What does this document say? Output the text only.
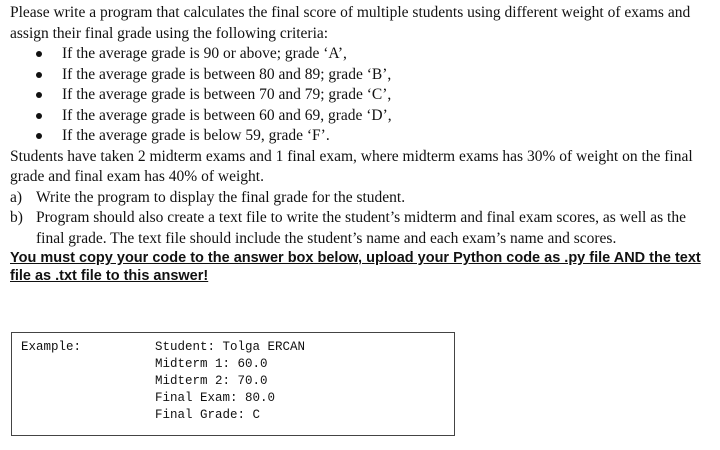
Please write a program that calculates the final score of multiple students using different weight of exams and assign their final grade using the following criteria:

If the average grade is 90 or above; grade ‘A’,
If the average grade is between 80 and 89; grade ‘B’,
If the average grade is between 70 and 79; grade ‘C’,
If the average grade is between 60 and 69, grade ‘D’,
If the average grade is below 59, grade ‘F’.

Students have taken 2 midterm exams and 1 final exam, where midterm exams has 30% of weight on the final grade and final exam has 40% of weight.

a) Write the program to display the final grade for the student.
b) Program should also create a text file to write the student’s midterm and final exam scores, as well as the final grade. The text file should include the student’s name and each exam’s name and scores.

You must copy your code to the answer box below, upload your Python code as .py file AND the text file as .txt file to this answer!

Example:	Student: Tolga ERCAN
Midterm 1: 60.0
Midterm 2: 70.0
Final Exam: 80.0
Final Grade: C
